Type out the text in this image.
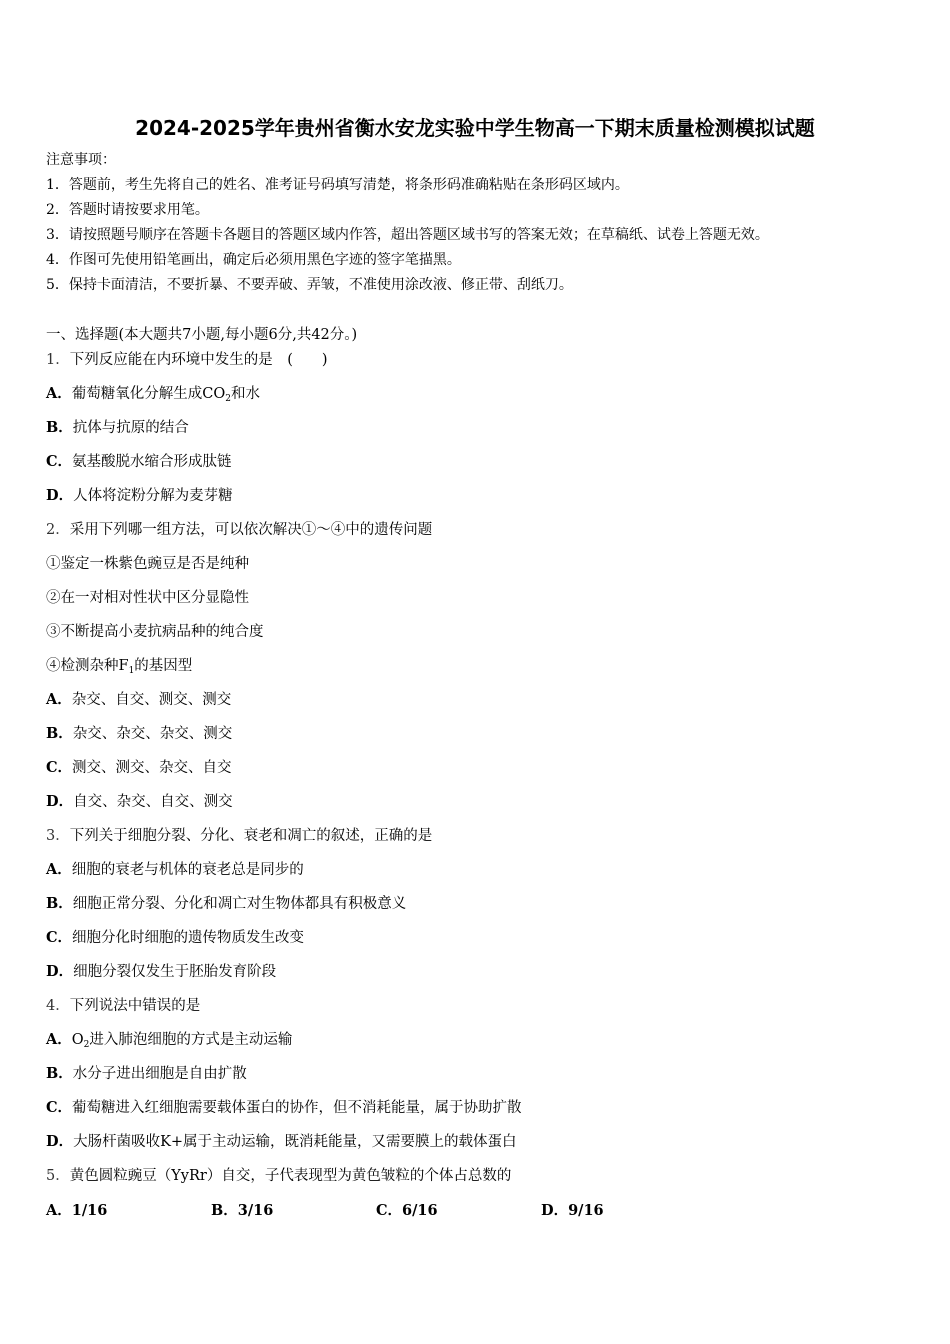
2024-2025学年贵州省衡水安龙实验中学生物高一下期末质量检测模拟试题
注意事项：
1．答题前，考生先将自己的姓名、准考证号码填写清楚，将条形码准确粘贴在条形码区域内。
2．答题时请按要求用笔。
3．请按照题号顺序在答题卡各题目的答题区域内作答，超出答题区域书写的答案无效；在草稿纸、试卷上答题无效。
4．作图可先使用铅笔画出，确定后必须用黑色字迹的签字笔描黑。
5．保持卡面清洁，不要折暴、不要弄破、弄皱，不准使用涂改液、修正带、刮纸刀。
一、选择题(本大题共7小题,每小题6分,共42分。)
1．下列反应能在内环境中发生的是　(　　)
A．葡萄糖氧化分解生成$CO_2$和水
B．抗体与抗原的结合
C．氨基酸脱水缩合形成肽链
D．人体将淀粉分解为麦芽糖
2．采用下列哪一组方法，可以依次解决①～④中的遗传问题
①鉴定一株紫色豌豆是否是纯种
②在一对相对性状中区分显隐性
③不断提高小麦抗病品种的纯合度
④检测杂种$F_1$的基因型
A．杂交、自交、测交、测交
B．杂交、杂交、杂交、测交
C．测交、测交、杂交、自交
D．自交、杂交、自交、测交
3．下列关于细胞分裂、分化、衰老和凋亡的叙述，正确的是
A．细胞的衰老与机体的衰老总是同步的
B．细胞正常分裂、分化和凋亡对生物体都具有积极意义
C．细胞分化时细胞的遗传物质发生改变
D．细胞分裂仅发生于胚胎发育阶段
4．下列说法中错误的是
A．$O_2$进入肺泡细胞的方式是主动运输
B．水分子进出细胞是自由扩散
C．葡萄糖进入红细胞需要载体蛋白的协作，但不消耗能量，属于协助扩散
D．大肠杆菌吸收K+属于主动运输，既消耗能量，又需要膜上的载体蛋白
5．黄色圆粒豌豆（YyRr）自交，子代表现型为黄色皱粒的个体占总数的
A．1/16	B．3/16	C．6/16	D．9/16
